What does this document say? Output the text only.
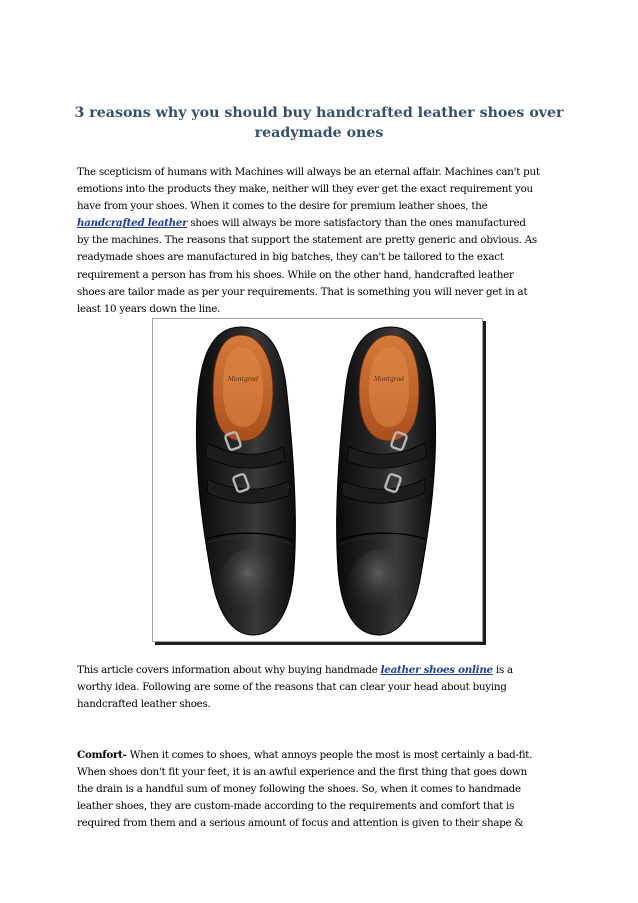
3 reasons why you should buy handcrafted leather shoes over
readymade ones
The scepticism of humans with Machines will always be an eternal affair. Machines can't put
emotions into the products they make, neither will they ever get the exact requirement you
have from your shoes. When it comes to the desire for premium leather shoes, the
handcrafted leather shoes will always be more satisfactory than the ones manufactured
by the machines. The reasons that support the statement are pretty generic and obvious. As
readymade shoes are manufactured in big batches, they can't be tailored to the exact
requirement a person has from his shoes. While on the other hand, handcrafted leather
shoes are tailor made as per your requirements. That is something you will never get in at
least 10 years down the line.
Montgrad	Montgrad
This article covers information about why buying handmade leather shoes online is a
worthy idea. Following are some of the reasons that can clear your head about buying
handcrafted leather shoes.
Comfort- When it comes to shoes, what annoys people the most is most certainly a bad-fit.
When shoes don't fit your feet, it is an awful experience and the first thing that goes down
the drain is a handful sum of money following the shoes. So, when it comes to handmade
leather shoes, they are custom-made according to the requirements and comfort that is
required from them and a serious amount of focus and attention is given to their shape &
